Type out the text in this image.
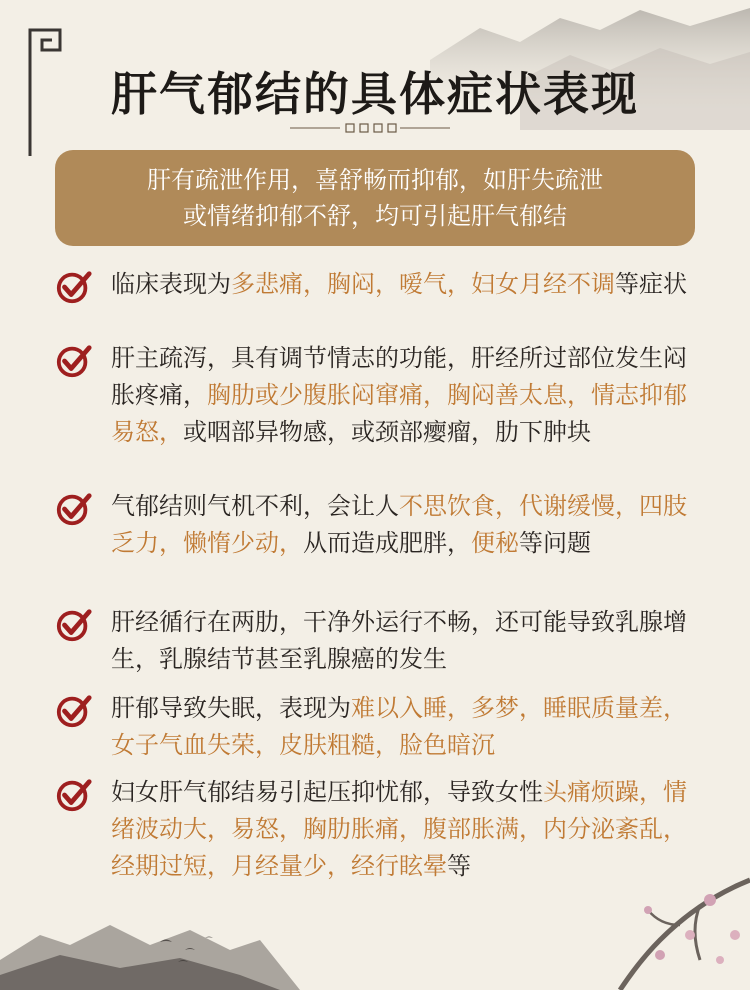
肝气郁结的具体症状表现
肝有疏泄作用，喜舒畅而抑郁，如肝失疏泄
或情绪抑郁不舒，均可引起肝气郁结
临床表现为多悲痛，胸闷，嗳气，妇女月经不调等症状
肝主疏泻，具有调节情志的功能，肝经所过部位发生闷胀疼痛，胸肋或少腹胀闷窜痛，胸闷善太息，情志抑郁易怒，或咽部异物感，或颈部瘿瘤，肋下肿块
气郁结则气机不利，会让人不思饮食，代谢缓慢，四肢乏力，懒惰少动，从而造成肥胖，便秘等问题
肝经循行在两肋，干净外运行不畅，还可能导致乳腺增生，乳腺结节甚至乳腺癌的发生
肝郁导致失眠，表现为难以入睡，多梦，睡眠质量差，女子气血失荣，皮肤粗糙，脸色暗沉
妇女肝气郁结易引起压抑忧郁，导致女性头痛烦躁，情绪波动大，易怒，胸肋胀痛，腹部胀满，内分泌紊乱，经期过短，月经量少，经行眩晕等
